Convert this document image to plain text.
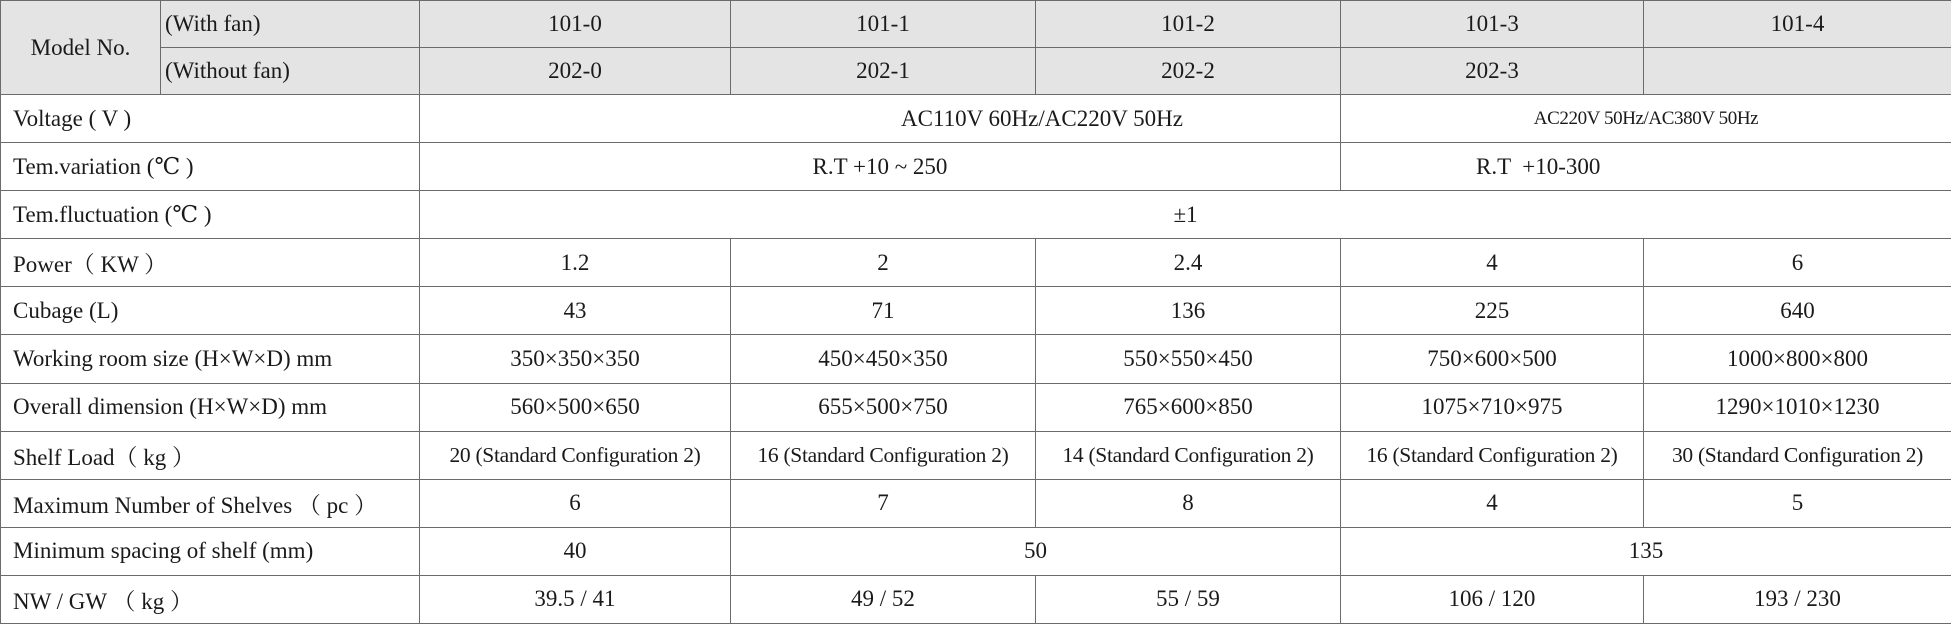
Model No.	(With fan)	101-0	101-1	101-2	101-3	101-4
	(Without fan)	202-0	202-1	202-2	202-3	
Voltage ( V )		AC110V 60Hz/AC220V 50Hz			AC220V 50Hz/AC380V 50Hz	
Tem.variation (℃ )		R.T +10 ~ 250			R.T  +10-300	
Tem.fluctuation (℃ )		±1				
Power（ KW ）		1.2	2	2.4	4	6
Cubage (L)		43	71	136	225	640
Working room size (H×W×D) mm		350×350×350	450×450×350	550×550×450	750×600×500	1000×800×800
Overall dimension (H×W×D) mm		560×500×650	655×500×750	765×600×850	1075×710×975	1290×1010×1230
Shelf Load（ kg ）		20 (Standard Configuration 2)	16 (Standard Configuration 2)	14 (Standard Configuration 2)	16 (Standard Configuration 2)	30 (Standard Configuration 2)
Maximum Number of Shelves （ pc ）		6	7	8	4	5
Minimum spacing of shelf (mm)		40	50		135	
NW / GW （ kg ）		39.5 / 41	49 / 52	55 / 59	106 / 120	193 / 230
